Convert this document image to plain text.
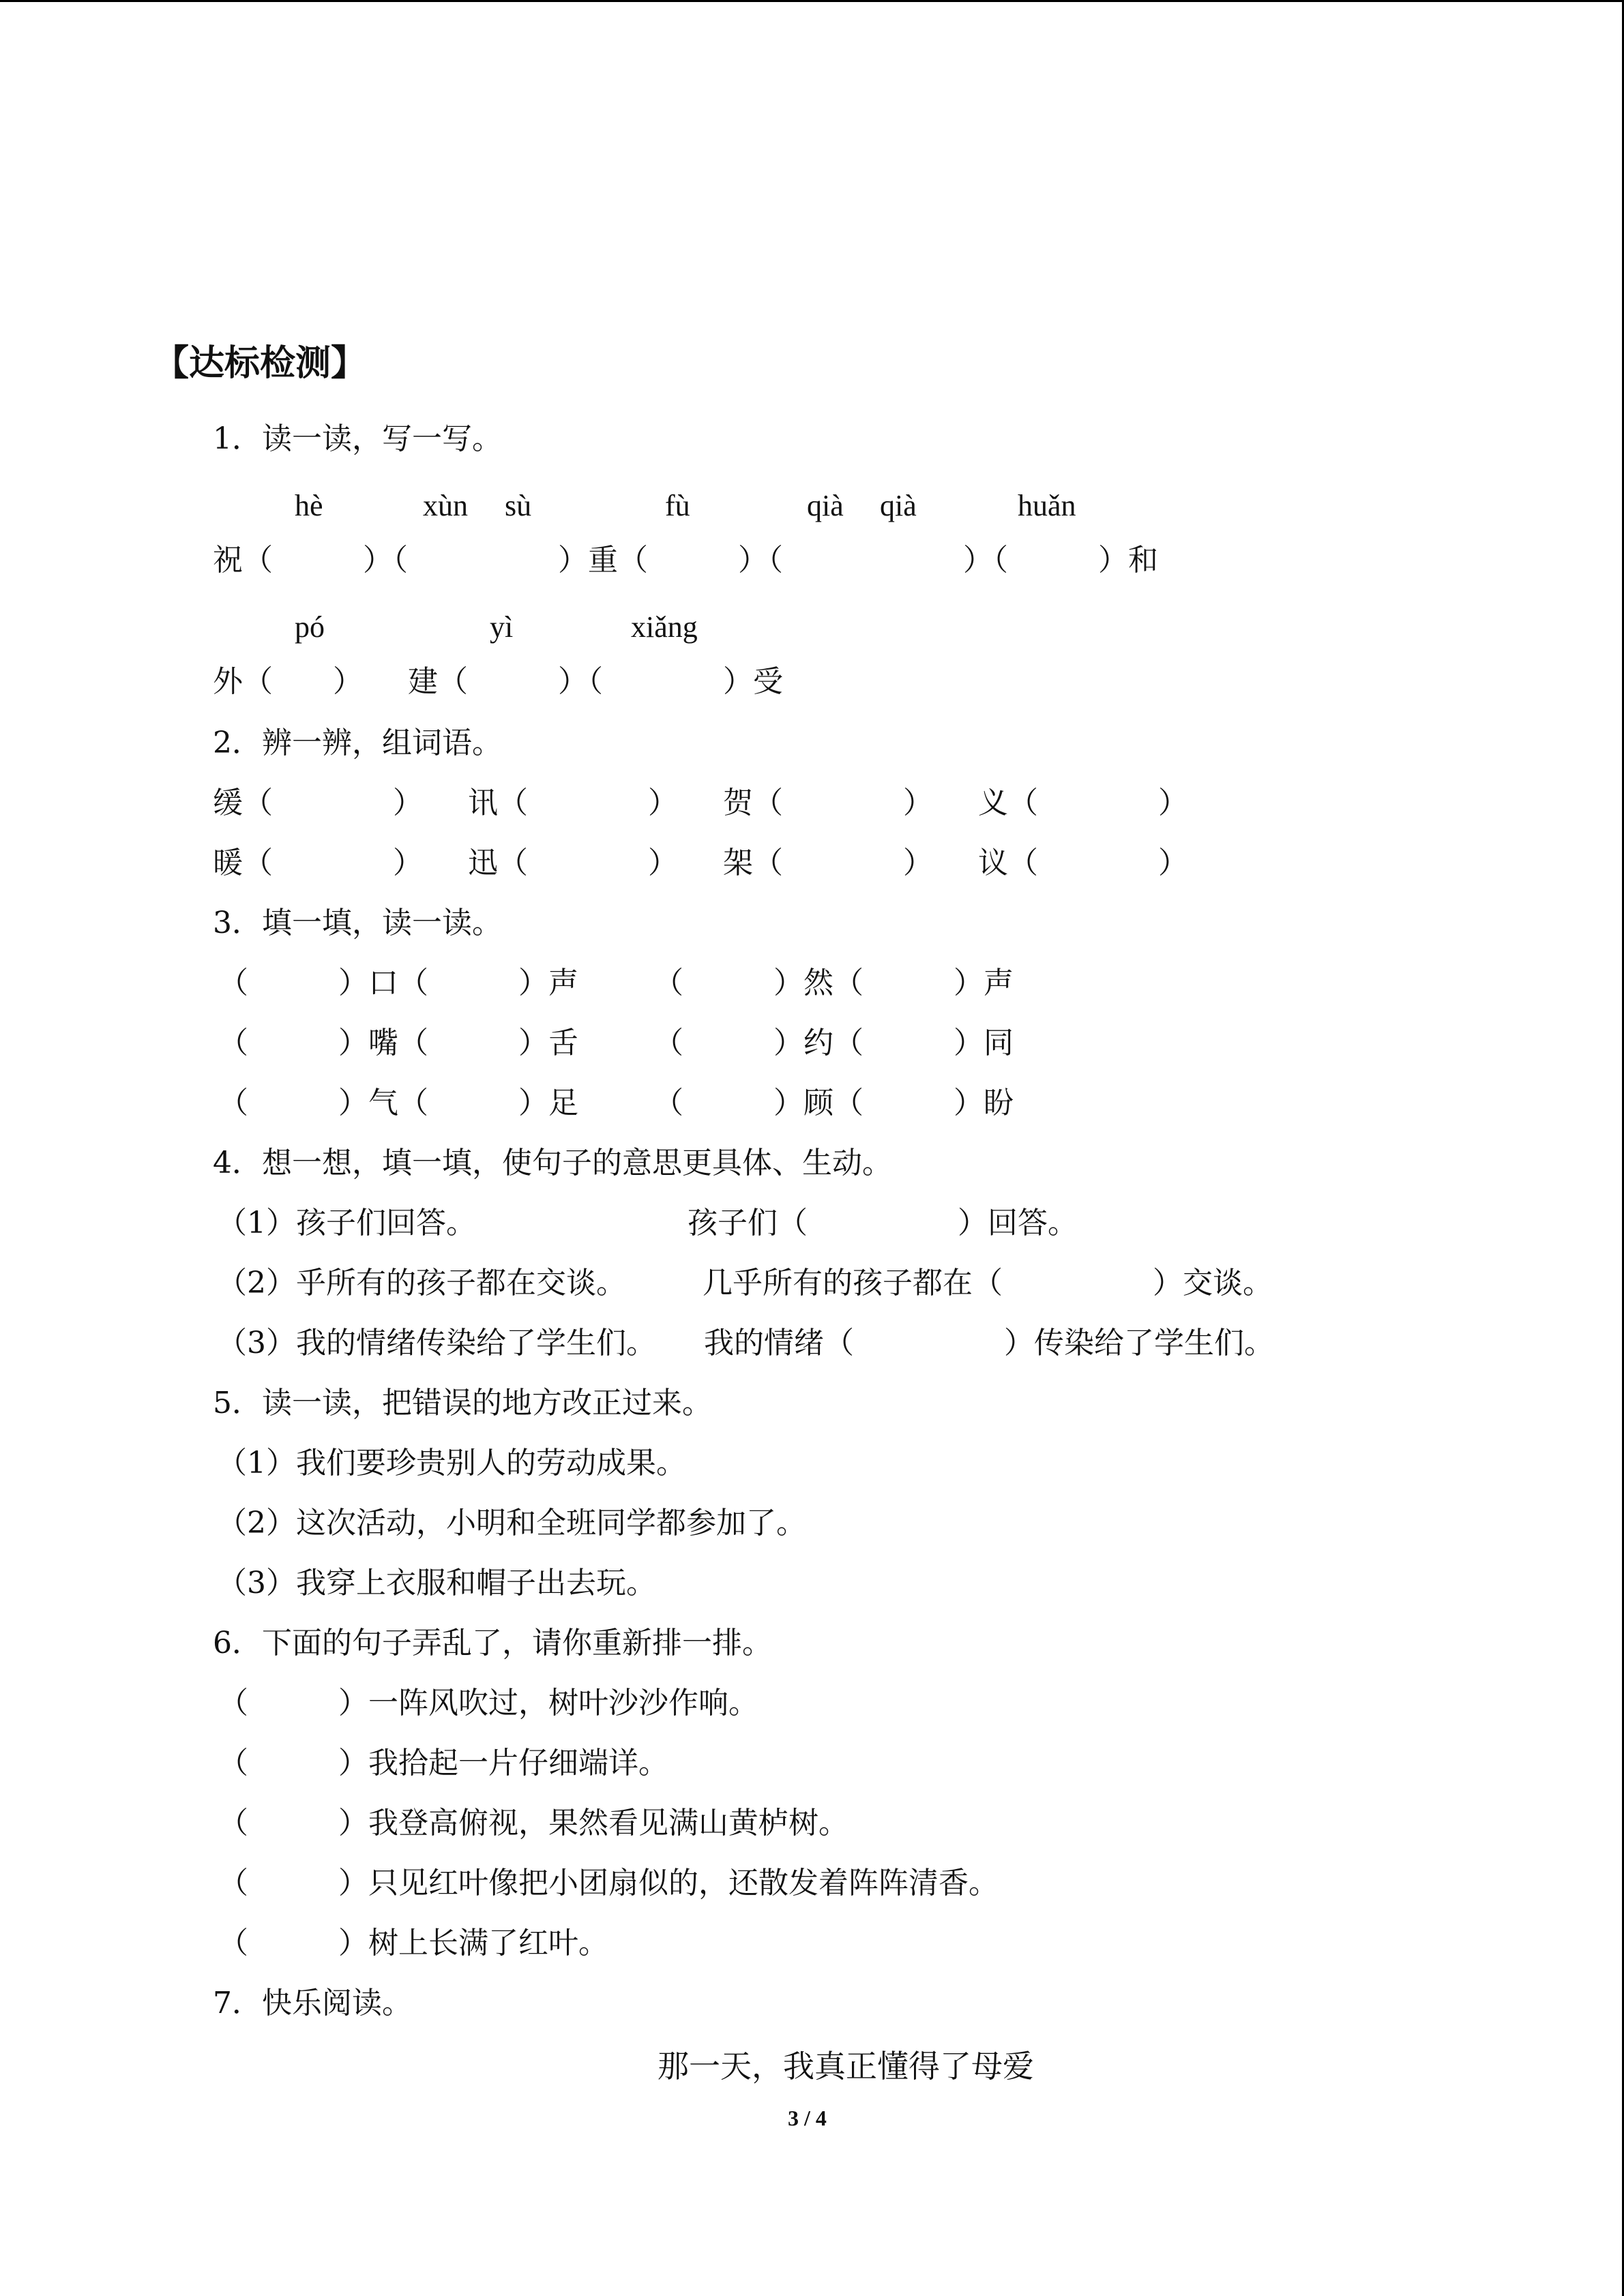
【达标检测】
1．读一读，写一写。
hè	xùn sù	fù	qià qià	huǎn
祝（　　　）（　　　　　）重（　　　）（　　　　　　）（　　　）和
pó	yì	xiǎng
外（　　）　　建（　　　）（　　　　）受
2．辨一辨，组词语。
缓（　　　　）　　讯（　　　　）　　贺（　　　　）　　义（　　　　）
暖（　　　　）　　迅（　　　　）　　架（　　　　）　　议（　　　　）
3．填一填，读一读。
（　　　）口（　　　）声　　　（　　　）然（　　　）声
（　　　）嘴（　　　）舌　　　（　　　）约（　　　）同
（　　　）气（　　　）足　　　（　　　）顾（　　　）盼
4．想一想，填一填，使句子的意思更具体、生动。
（1）孩子们回答。	孩子们（　　　　　）回答。
（2）乎所有的孩子都在交谈。	几乎所有的孩子都在（　　　　　）交谈。
（3）我的情绪传染给了学生们。 我的情绪（　　　　　）传染给了学生们。
5．读一读，把错误的地方改正过来。
（1）我们要珍贵别人的劳动成果。
（2）这次活动，小明和全班同学都参加了。
（3）我穿上衣服和帽子出去玩。
6．下面的句子弄乱了，请你重新排一排。
（　　　）一阵风吹过，树叶沙沙作响。
（　　　）我拾起一片仔细端详。
（　　　）我登高俯视，果然看见满山黄栌树。
（　　　）只见红叶像把小团扇似的，还散发着阵阵清香。
（　　　）树上长满了红叶。
7．快乐阅读。
那一天，我真正懂得了母爱
3 / 4
